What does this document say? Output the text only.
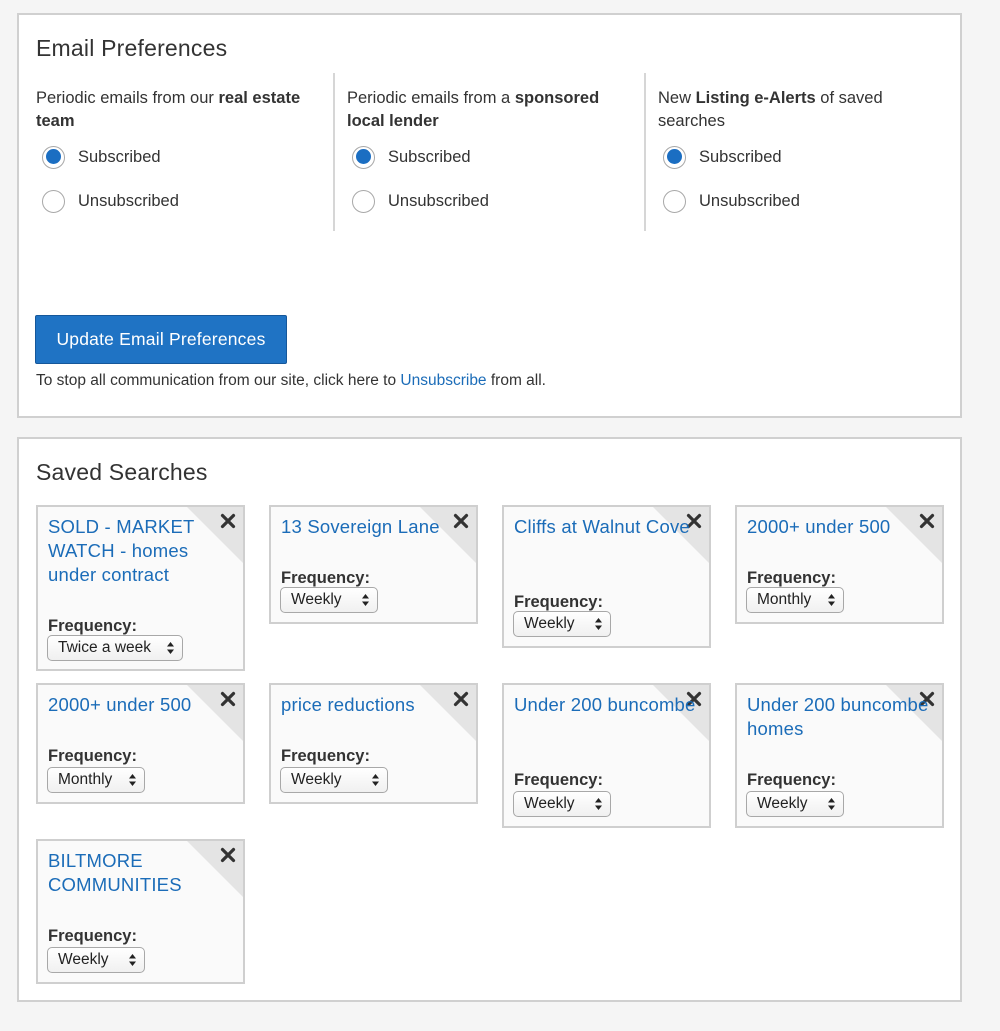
Email Preferences
Periodic emails from our real estate team
Subscribed
Unsubscribed
Periodic emails from a sponsored local lender
Subscribed
Unsubscribed
New Listing e-Alerts of saved searches
Subscribed
Unsubscribed
Update Email Preferences
To stop all communication from our site, click here to Unsubscribe from all.
Saved Searches
SOLD - MARKET WATCH - homes under contract
Frequency:
Twice a week
13 Sovereign Lane
Frequency:
Weekly
Cliffs at Walnut Cove
Frequency:
Weekly
2000+ under 500
Frequency:
Monthly
2000+ under 500
Frequency:
Monthly
price reductions
Frequency:
Weekly
Under 200 buncombe
Frequency:
Weekly
Under 200 buncombe homes
Frequency:
Weekly
BILTMORE COMMUNITIES
Frequency:
Weekly
